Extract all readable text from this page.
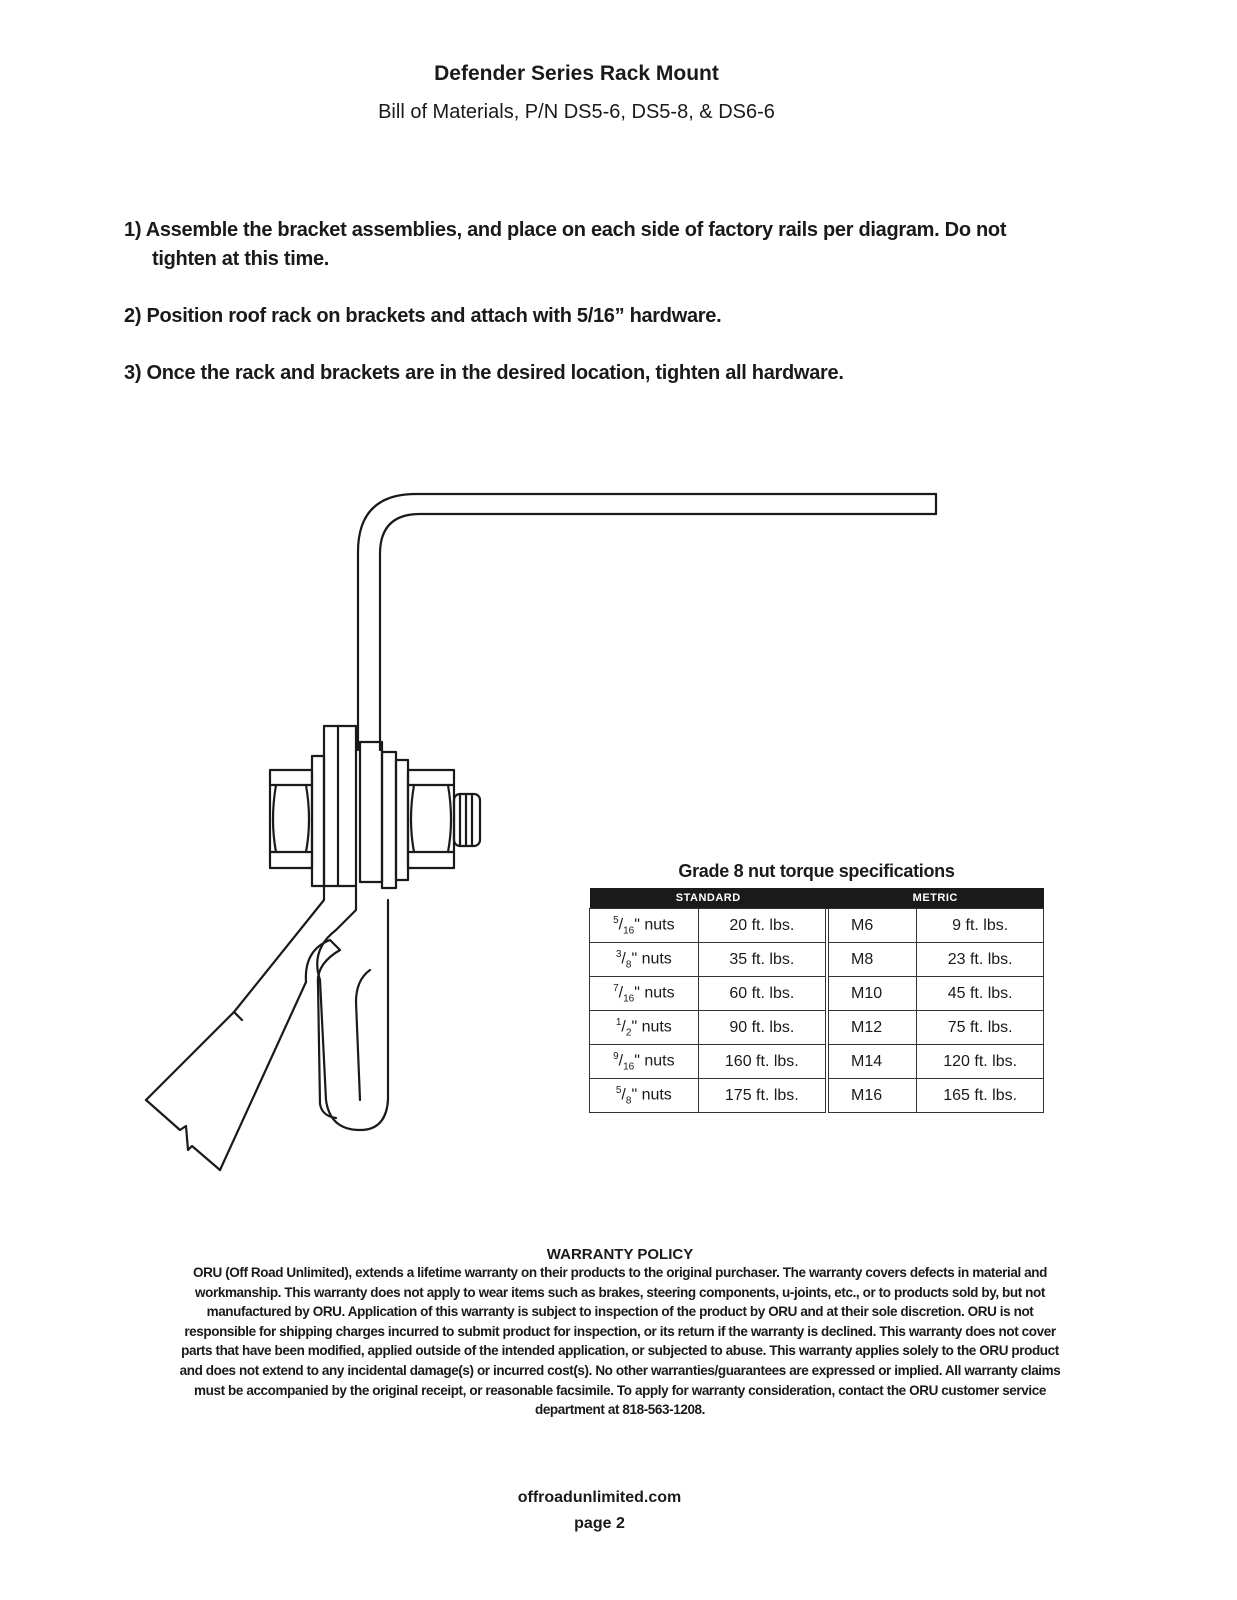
Defender Series Rack Mount
Bill of Materials, P/N DS5-6, DS5-8, & DS6-6
1) Assemble the bracket assemblies, and place on each side of factory rails per diagram. Do not
tighten at this time.
2) Position roof rack on brackets and attach with 5/16” hardware.
3) Once the rack and brackets are in the desired location, tighten all hardware.
Grade 8 nut torque specifications
STANDARD		METRIC	
$^5/_{16}$" nuts	20 ft. lbs.	M6	9 ft. lbs.
$^3/_8$" nuts	35 ft. lbs.	M8	23 ft. lbs.
$^7/_{16}$" nuts	60 ft. lbs.	M10	45 ft. lbs.
$^1/_2$" nuts	90 ft. lbs.	M12	75 ft. lbs.
$^9/_{16}$" nuts	160 ft. lbs.	M14	120 ft. lbs.
$^5/_8$" nuts	175 ft. lbs.	M16	165 ft. lbs.
WARRANTY POLICY

ORU (Off Road Unlimited), extends a lifetime warranty on their products to the original purchaser. The warranty covers defects in material and

workmanship. This warranty does not apply to wear items such as brakes, steering components, u-joints, etc., or to products sold by, but not

manufactured by ORU. Application of this warranty is subject to inspection of the product by ORU and at their sole discretion. ORU is not

responsible for shipping charges incurred to submit product for inspection, or its return if the warranty is declined. This warranty does not cover

parts that have been modified, applied outside of the intended application, or subjected to abuse. This warranty applies solely to the ORU product

and does not extend to any incidental damage(s) or incurred cost(s). No other warranties/guarantees are expressed or implied. All warranty claims

must be accompanied by the original receipt, or reasonable facsimile. To apply for warranty consideration, contact the ORU customer service

department at 818-563-1208.

offroadunlimited.com
page 2
